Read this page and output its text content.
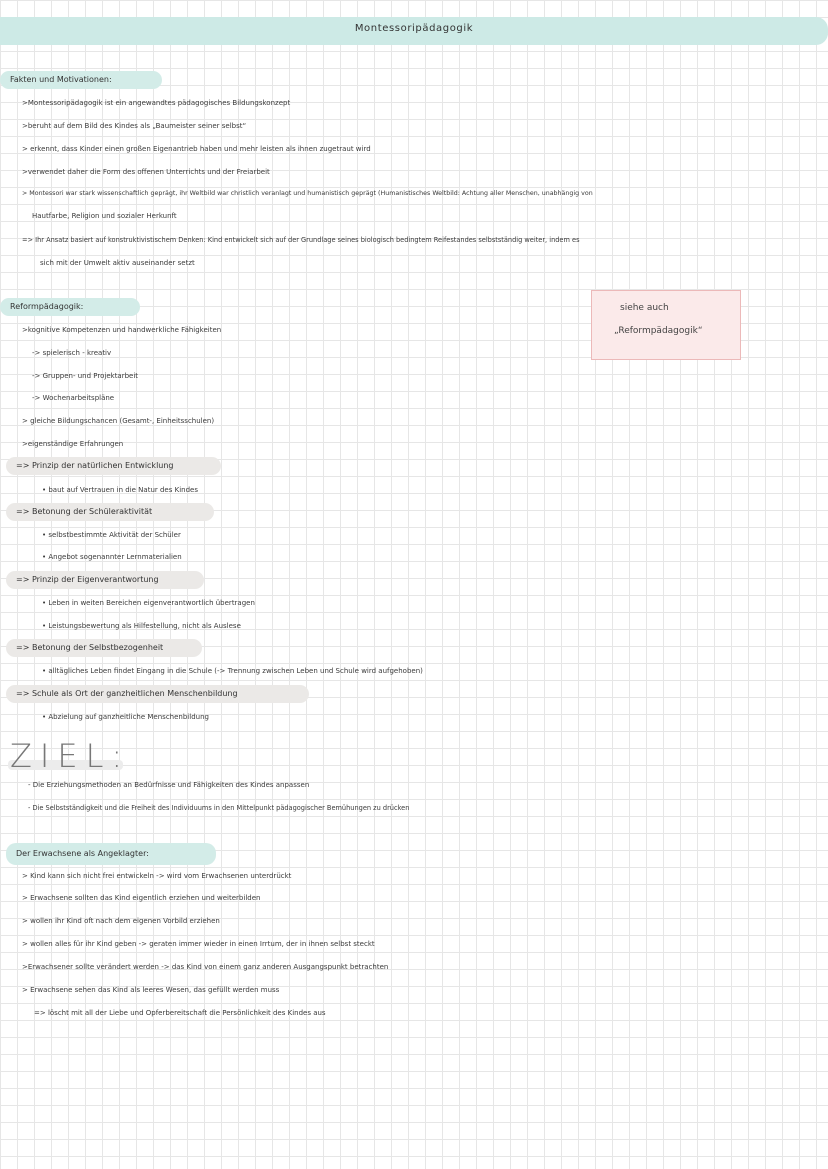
Montessoripädagogik
Fakten und Motivationen:
>Montessoripädagogik ist ein angewandtes pädagogisches Bildungskonzept
>beruht auf dem Bild des Kindes als „Baumeister seiner selbst“
> erkennt, dass Kinder einen großen Eigenantrieb haben und mehr leisten als ihnen zugetraut wird
>verwendet daher die Form des offenen Unterrichts und der Freiarbeit
> Montessori war stark wissenschaftlich geprägt, ihr Weltbild war christlich veranlagt und humanistisch geprägt (Humanistisches Weltbild: Achtung aller Menschen, unabhängig von
Hautfarbe, Religion und sozialer Herkunft
=> Ihr Ansatz basiert auf konstruktivistischem Denken: Kind entwickelt sich auf der Grundlage seines biologisch bedingtem Reifestandes selbstständig weiter, indem es
sich mit der Umwelt aktiv auseinander setzt
siehe auch
„Reformpädagogik“
Reformpädagogik:
>kognitive Kompetenzen und handwerkliche Fähigkeiten
-> spielerisch - kreativ
-> Gruppen- und Projektarbeit
-> Wochenarbeitspläne
> gleiche Bildungschancen (Gesamt-, Einheitsschulen)
>eigenständige Erfahrungen
=> Prinzip der natürlichen Entwicklung
• baut auf Vertrauen in die Natur des Kindes
=> Betonung der Schüleraktivität
• selbstbestimmte Aktivität der Schüler
• Angebot sogenannter Lernmaterialien
=> Prinzip der Eigenverantwortung
• Leben in weiten Bereichen eigenverantwortlich übertragen
• Leistungsbewertung als Hilfestellung, nicht als Auslese
=> Betonung der Selbstbezogenheit
• alltägliches Leben findet Eingang in die Schule (-> Trennung zwischen Leben und Schule wird aufgehoben)
=> Schule als Ort der ganzheitlichen Menschenbildung
• Abzielung auf ganzheitliche Menschenbildung
ZIEL:
- Die Erziehungsmethoden an Bedürfnisse und Fähigkeiten des Kindes anpassen
- Die Selbstständigkeit und die Freiheit des Individuums in den Mittelpunkt pädagogischer Bemühungen zu drücken
Der Erwachsene als Angeklagter:
> Kind kann sich nicht frei entwickeln -> wird vom Erwachsenen unterdrückt
> Erwachsene sollten das Kind eigentlich erziehen und weiterbilden
> wollen ihr Kind oft nach dem eigenen Vorbild erziehen
> wollen alles für ihr Kind geben -> geraten immer wieder in einen Irrtum, der in ihnen selbst steckt
>Erwachsener sollte verändert werden -> das Kind von einem ganz anderen Ausgangspunkt betrachten
> Erwachsene sehen das Kind als leeres Wesen, das gefüllt werden muss
=> löscht mit all der Liebe und Opferbereitschaft die Persönlichkeit des Kindes aus
